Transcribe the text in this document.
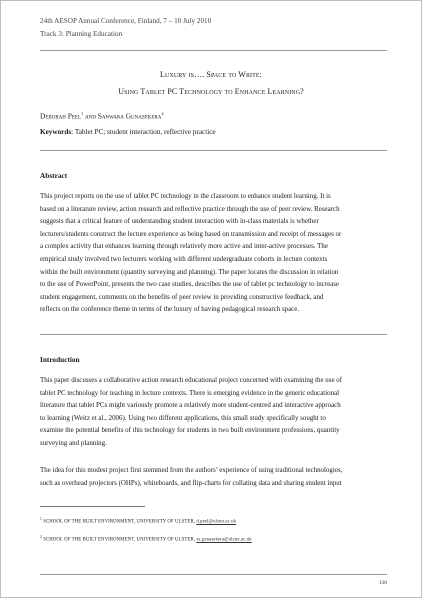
24th AESOP Annual Conference, Finland, 7 – 10 July 2010
Track 3: Planning Education
Luxury is…. Space to Write:
Using Tablet PC Technology to Enhance Learning?
Deborah Peel$^1$ and Sanwara Gunasekera$^2$
Keywords: Tablet PC; student interaction, reflective practice
Abstract
This project reports on the use of tablet PC technology in the classroom to enhance student learning. It is
based on a literature review, action research and reflective practice through the use of peer review. Research
suggests that a critical feature of understanding student interaction with in-class materials is whether
lecturers/students construct the lecture experience as being based on transmission and receipt of messages or
a complex activity that enhances learning through relatively more active and inter-active processes. The
empirical study involved two lecturers working with different undergraduate cohorts in lecture contexts
within the built environment (quantity surveying and planning). The paper locates the discussion in relation
to the use of PowerPoint, presents the two case studies, describes the use of tablet pc technology to increase
student engagement, comments on the benefits of peer review in providing constructive feedback, and
reflects on the conference theme in terms of the luxury of having pedagogical research space.
Introduction
This paper discusses a collaborative action research educational project concerned with examining the use of
tablet PC technology for teaching in lecture contexts. There is emerging evidence in the generic educational
literature that tablet PCs might variously promote a relatively more student-centred and interactive approach
to learning (Weitz et al., 2006). Using two different applications, this small study specifically sought to
examine the potential benefits of this technology for students in two built environment professions, quantity
surveying and planning.
The idea for this modest project first stemmed from the authors’ experience of using traditional technologies,
such as overhead projectors (OHPs), whiteboards, and flip-charts for collating data and sharing student input
$^1$ SCHOOL OF THE BUILT ENVIRONMENT, UNIVERSITY OF ULSTER, d.peel@ulster.ac.uk
$^2$ SCHOOL OF THE BUILT ENVIRONMENT, UNIVERSITY OF ULSTER, ss.gunasekera@ulster.ac.uk
138
